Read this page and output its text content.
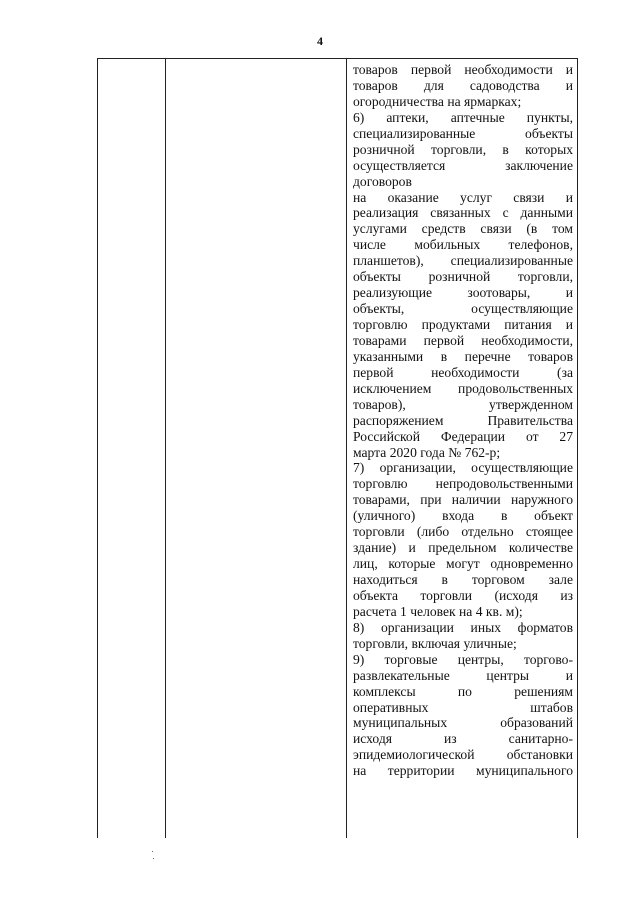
4
товаров первой необходимости и
товаров для садоводства и
огородничества на ярмарках;
6) аптеки, аптечные пункты,
специализированные объекты
розничной торговли, в которых
осуществляется заключение
договоров
на оказание услуг связи и
реализация связанных с данными
услугами средств связи (в том
числе мобильных телефонов,
планшетов), специализированные
объекты розничной торговли,
реализующие зоотовары, и
объекты, осуществляющие
торговлю продуктами питания и
товарами первой необходимости,
указанными в перечне товаров
первой необходимости (за
исключением продовольственных
товаров), утвержденном
распоряжением Правительства
Российской Федерации от 27
марта 2020 года № 762-р;
7) организации, осуществляющие
торговлю непродовольственными
товарами, при наличии наружного
(уличного) входа в объект
торговли (либо отдельно стоящее
здание) и предельном количестве
лиц, которые могут одновременно
находиться в торговом зале
объекта торговли (исходя из
расчета 1 человек на 4 кв. м);
8) организации иных форматов
торговли, включая уличные;
9) торговые центры, торгово-
развлекательные центры и
комплексы по решениям
оперативных штабов
муниципальных образований
исходя из санитарно-
эпидемиологической обстановки
на территории муниципального
